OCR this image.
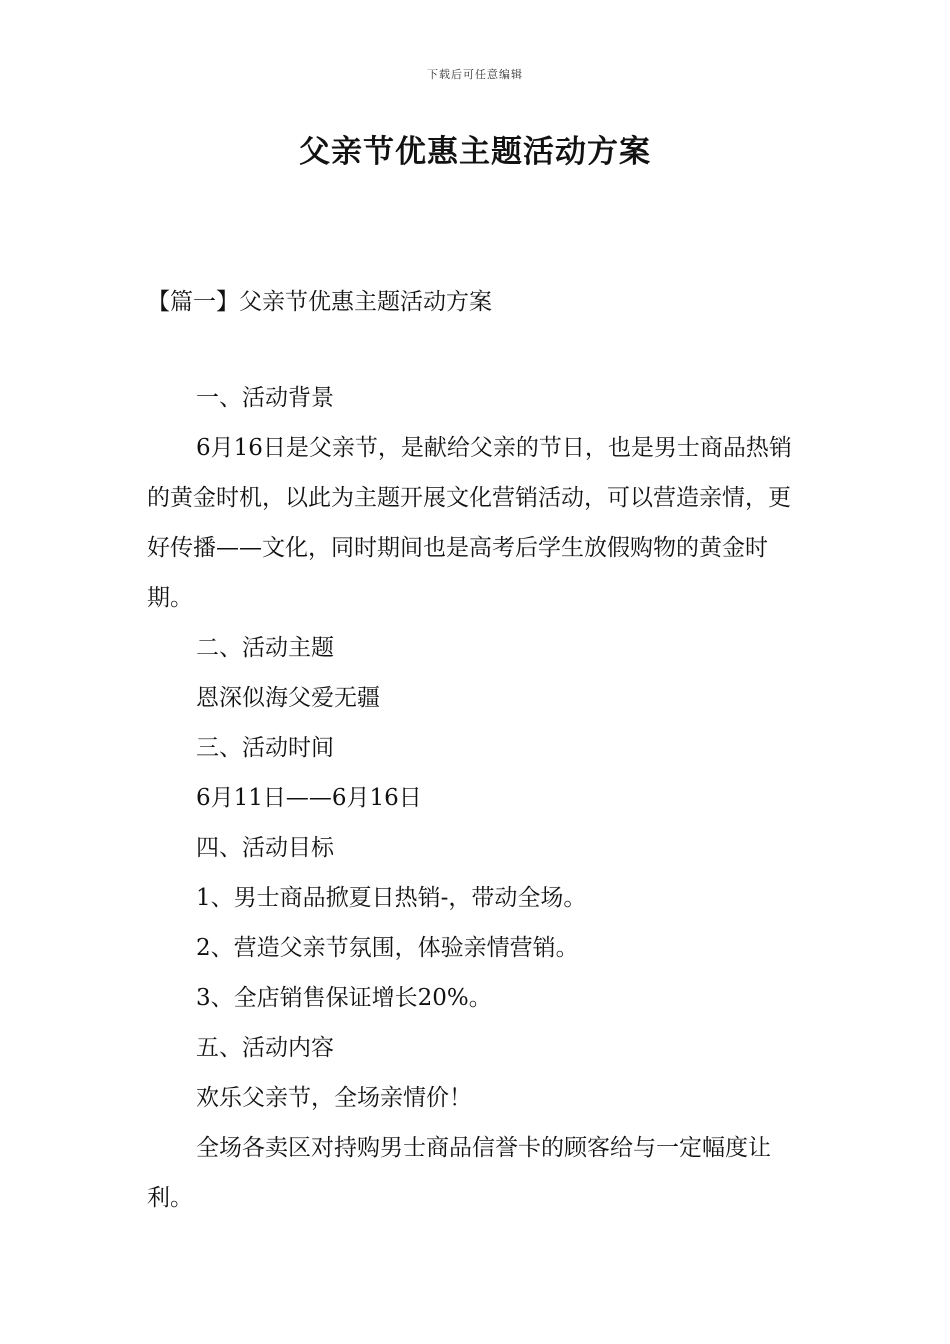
下载后可任意编辑
父亲节优惠主题活动方案
【篇一】父亲节优惠主题活动方案

一、活动背景

6月16日是父亲节，是献给父亲的节日，也是男士商品热销的黄金时机，以此为主题开展文化营销活动，可以营造亲情，更好传播——文化，同时期间也是高考后学生放假购物的黄金时期。

二、活动主题

恩深似海父爱无疆

三、活动时间

6月11日——6月16日

四、活动目标

1、男士商品掀夏日热销-，带动全场。

2、营造父亲节氛围，体验亲情营销。

3、全店销售保证增长20%。

五、活动内容

欢乐父亲节，全场亲情价！

全场各卖区对持购男士商品信誉卡的顾客给与一定幅度让利。
